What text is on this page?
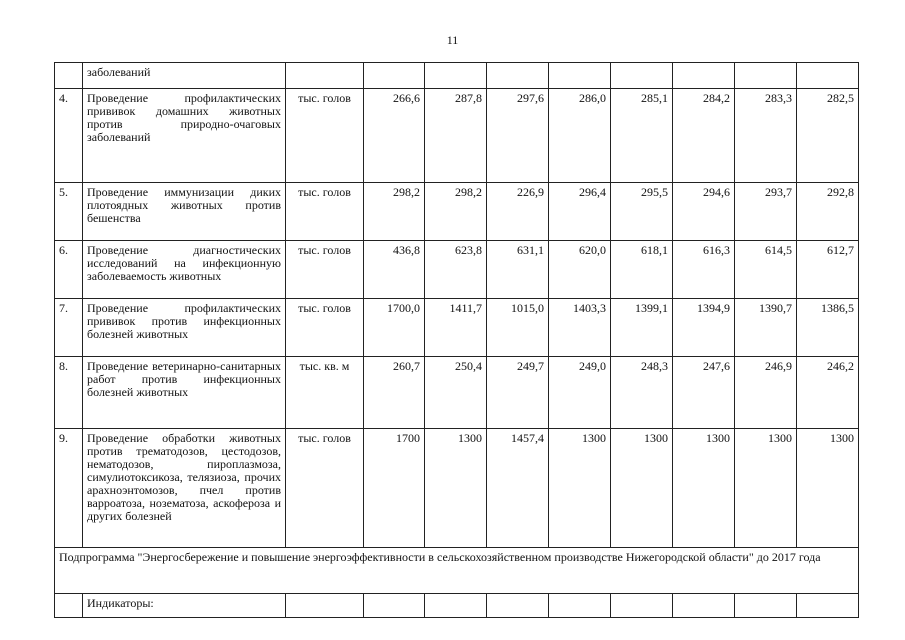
11
	заболеваний									
4.	Проведение профилактических прививок домашних животных против природно-очаговых заболеваний	тыс. голов	266,6	287,8	297,6	286,0	285,1	284,2	283,3	282,5
5.	Проведение иммунизации диких плотоядных животных против бешенства	тыс. голов	298,2	298,2	226,9	296,4	295,5	294,6	293,7	292,8
6.	Проведение диагностических исследований на инфекционную заболеваемость животных	тыс. голов	436,8	623,8	631,1	620,0	618,1	616,3	614,5	612,7
7.	Проведение профилактических прививок против инфекционных болезней животных	тыс. голов	1700,0	1411,7	1015,0	1403,3	1399,1	1394,9	1390,7	1386,5
8.	Проведение ветеринарно-санитарных работ против инфекционных болезней животных	тыс. кв. м	260,7	250,4	249,7	249,0	248,3	247,6	246,9	246,2
9.	Проведение обработки животных против трематодозов, цестодозов, нематодозов, пироплазмоза, симулиотоксикоза, телязиоза, прочих арахноэнтомозов, пчел против варроатоза, нозематоза, аскофероза и других болезней	тыс. голов	1700	1300	1457,4	1300	1300	1300	1300	1300
Подпрограмма "Энергосбережение и повышение энергоэффективности в сельскохозяйственном производстве Нижегородской области" до 2017 года										
	Индикаторы:									
